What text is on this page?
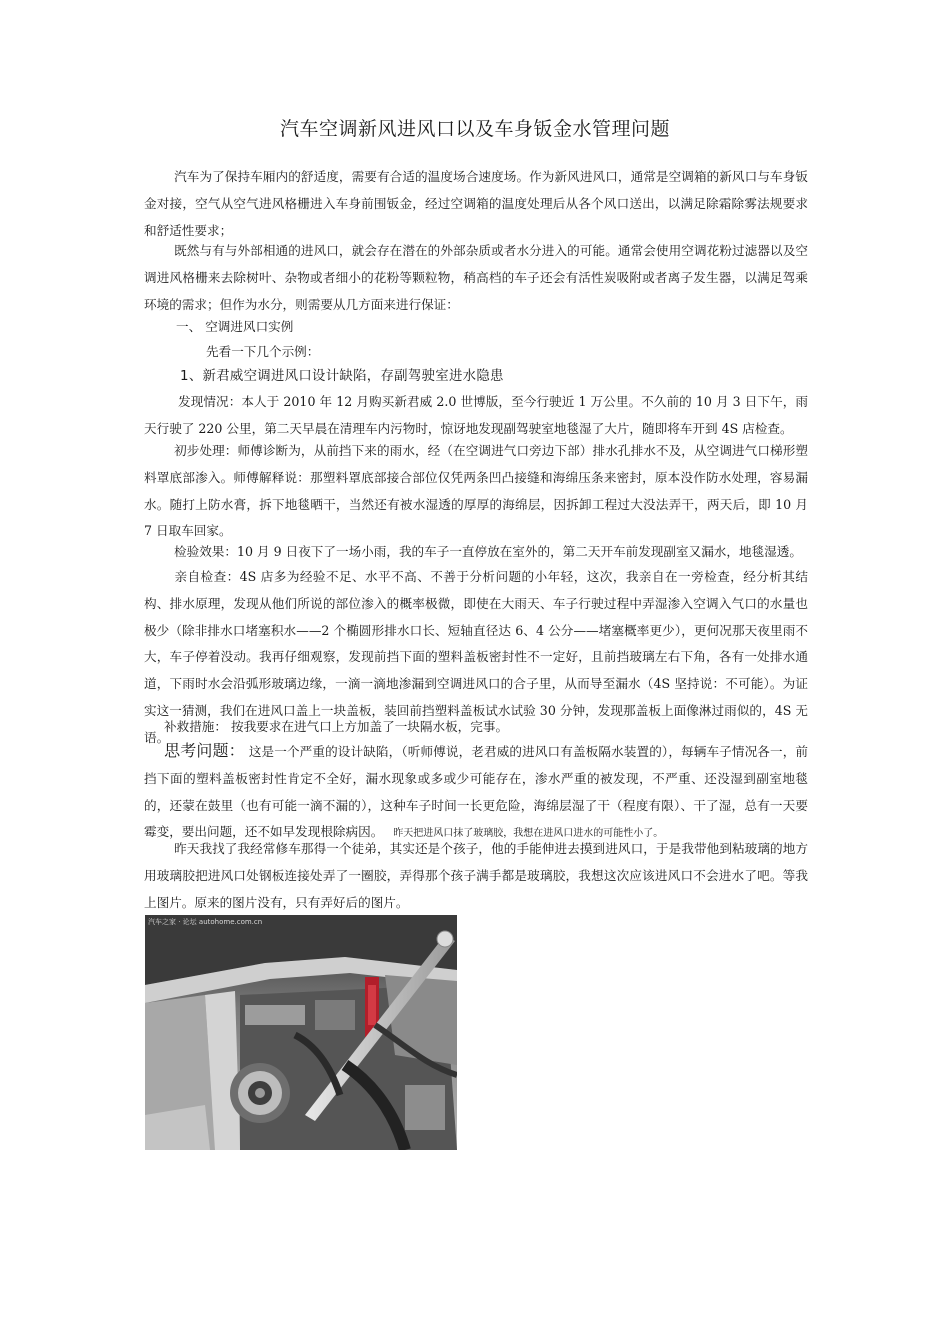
汽车空调新风进风口以及车身钣金水管理问题
汽车为了保持车厢内的舒适度，需要有合适的温度场合速度场。作为新风进风口，通常是空调箱的新风口与车身钣金对接，空气从空气进风格栅进入车身前围钣金，经过空调箱的温度处理后从各个风口送出，以满足除霜除雾法规要求和舒适性要求；
既然与有与外部相通的进风口，就会存在潜在的外部杂质或者水分进入的可能。通常会使用空调花粉过滤器以及空调进风格栅来去除树叶、杂物或者细小的花粉等颗粒物，稍高档的车子还会有活性炭吸附或者离子发生器，以满足驾乘环境的需求；但作为水分，则需要从几方面来进行保证：
一、 空调进风口实例
先看一下几个示例：
1、新君威空调进风口设计缺陷，存副驾驶室进水隐患
发现情况：本人于 2010 年 12 月购买新君威 2.0 世博版，至今行驶近 1 万公里。不久前的 10 月 3 日下午，雨天行驶了 220 公里，第二天早晨在清理车内污物时，惊讶地发现副驾驶室地毯湿了大片，随即将车开到 4S 店检查。
初步处理：师傅诊断为，从前挡下来的雨水，经（在空调进气口旁边下部）排水孔排水不及，从空调进气口梯形塑料罩底部渗入。师傅解释说：那塑料罩底部接合部位仅凭两条凹凸接缝和海绵压条来密封，原本没作防水处理，容易漏水。随打上防水膏，拆下地毯晒干，当然还有被水湿透的厚厚的海绵层，因拆卸工程过大没法弄干，两天后，即 10 月 7 日取车回家。
检验效果：10 月 9 日夜下了一场小雨，我的车子一直停放在室外的，第二天开车前发现副室又漏水，地毯湿透。
亲自检查：4S 店多为经验不足、水平不高、不善于分析问题的小年轻，这次，我亲自在一旁检查，经分析其结构、排水原理，发现从他们所说的部位渗入的概率极微，即使在大雨天、车子行驶过程中弄湿渗入空调入气口的水量也极少（除非排水口堵塞积水——2 个椭圆形排水口长、短轴直径达 6、4 公分——堵塞概率更少），更何况那天夜里雨不大，车子停着没动。我再仔细观察，发现前挡下面的塑料盖板密封性不一定好，且前挡玻璃左右下角，各有一处排水通道，下雨时水会沿弧形玻璃边缘，一滴一滴地渗漏到空调进风口的合子里，从而导至漏水（4S 坚持说：不可能）。为证实这一猜测，我们在进风口盖上一块盖板，装回前挡塑料盖板试水试验 30 分钟，发现那盖板上面像淋过雨似的，4S 无语。
补救措施： 按我要求在进气口上方加盖了一块隔水板，完事。
思考问题： 这是一个严重的设计缺陷，（听师傅说，老君威的进风口有盖板隔水装置的），每辆车子情况各一，前挡下面的塑料盖板密封性肯定不全好，漏水现象或多或少可能存在，渗水严重的被发现，不严重、还没湿到副室地毯的，还蒙在鼓里（也有可能一滴不漏的），这种车子时间一长更危险，海绵层湿了干（程度有限）、干了湿，总有一天要霉变，要出问题，还不如早发现根除病因。 昨天把进风口抹了玻璃胶，我想在进风口进水的可能性小了。
昨天我找了我经常修车那得一个徒弟，其实还是个孩子，他的手能伸进去摸到进风口，于是我带他到粘玻璃的地方用玻璃胶把进风口处钢板连接处弄了一圈胶，弄得那个孩子满手都是玻璃胶，我想这次应该进风口不会进水了吧。等我上图片。原来的图片没有，只有弄好后的图片。
汽车之家 · 论坛 autohome.com.cn
